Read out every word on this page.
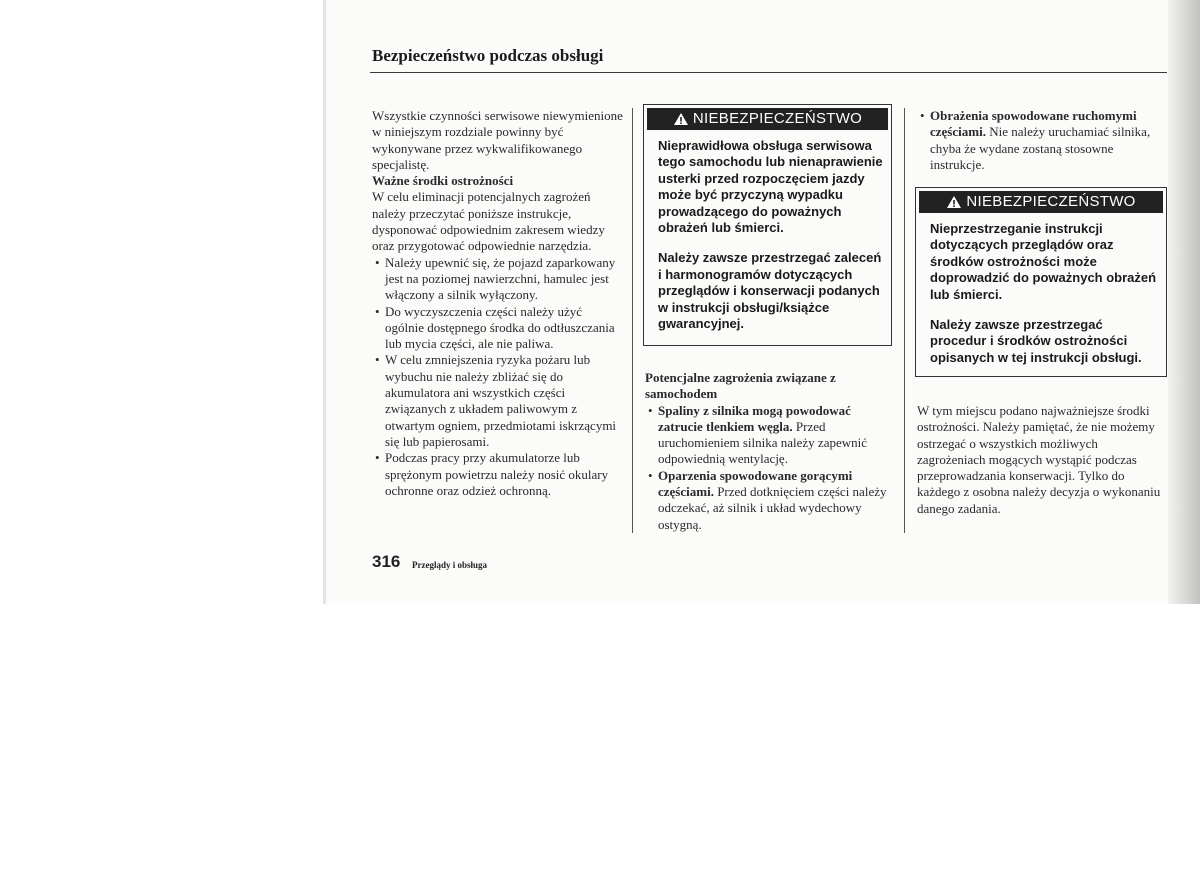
Bezpieczeństwo podczas obsługi

Wszystkie czynności serwisowe niewymienione w niniejszym rozdziale powinny być wykonywane przez wykwalifikowanego specjalistę.

Ważne środki ostrożności

W celu eliminacji potencjalnych zagrożeń należy przeczytać poniższe instrukcje, dysponować odpowiednim zakresem wiedzy oraz przygotować odpowiednie narzędzia.

• Należy upewnić się, że pojazd zaparkowany jest na poziomej nawierzchni, hamulec jest włączony a silnik wyłączony.
• Do wyczyszczenia części należy użyć ogólnie dostępnego środka do odtłuszczania lub mycia części, ale nie paliwa.
• W celu zmniejszenia ryzyka pożaru lub wybuchu nie należy zbliżać się do akumulatora ani wszystkich części związanych z układem paliwowym z otwartym ogniem, przedmiotami iskrzącymi się lub papierosami.
• Podczas pracy przy akumulatorze lub sprężonym powietrzu należy nosić okulary ochronne oraz odzież ochronną.
NIEBEZPIECZEŃSTWO

Nieprawidłowa obsługa serwisowa tego samochodu lub nienaprawienie usterki przed rozpoczęciem jazdy może być przyczyną wypadku prowadzącego do poważnych obrażeń lub śmierci.

Należy zawsze przestrzegać zaleceń i harmonogramów dotyczących przeglądów i konserwacji podanych w instrukcji obsługi/książce gwarancyjnej.

Potencjalne zagrożenia związane z samochodem

• Spaliny z silnika mogą powodować zatrucie tlenkiem węgla. Przed uruchomieniem silnika należy zapewnić odpowiednią wentylację.
• Oparzenia spowodowane gorącymi częściami. Przed dotknięciem części należy odczekać, aż silnik i układ wydechowy ostygną.
• Obrażenia spowodowane ruchomymi częściami. Nie należy uruchamiać silnika, chyba że wydane zostaną stosowne instrukcje.
NIEBEZPIECZEŃSTWO

Nieprzestrzeganie instrukcji dotyczących przeglądów oraz środków ostrożności może doprowadzić do poważnych obrażeń lub śmierci.

Należy zawsze przestrzegać procedur i środków ostrożności opisanych w tej instrukcji obsługi.

W tym miejscu podano najważniejsze środki ostrożności. Należy pamiętać, że nie możemy ostrzegać o wszystkich możliwych zagrożeniach mogących wystąpić podczas przeprowadzania konserwacji. Tylko do każdego z osobna należy decyzja o wykonaniu danego zadania.

316 Przeglądy i obsługa
